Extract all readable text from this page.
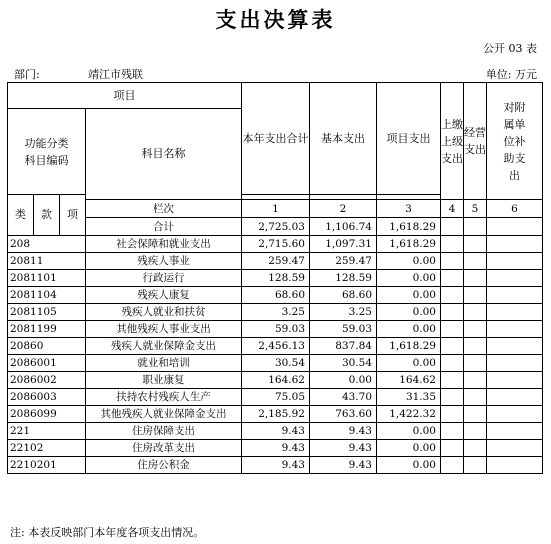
支出决算表
公开 03 表
部门:	靖江市残联	单位: 万元
项目				本年支出合计	基本支出	项目支出	上缴上级支出	经营支出	对附属单位补助支出
功能分类科目编码			科目名称						
类	款	项							
			栏次	1	2	3	4	5	6
			合计	2,725.03	1,106.74	1,618.29			
208			社会保障和就业支出	2,715.60	1,097.31	1,618.29			
20811			残疾人事业	259.47	259.47	0.00			
2081101			行政运行	128.59	128.59	0.00			
2081104			残疾人康复	68.60	68.60	0.00			
2081105			残疾人就业和扶贫	3.25	3.25	0.00			
2081199			其他残疾人事业支出	59.03	59.03	0.00			
20860			残疾人就业保障金支出	2,456.13	837.84	1,618.29			
2086001			就业和培训	30.54	30.54	0.00			
2086002			职业康复	164.62	0.00	164.62			
2086003			扶持农村残疾人生产	75.05	43.70	31.35			
2086099			其他残疾人就业保障金支出	2,185.92	763.60	1,422.32			
221			住房保障支出	9.43	9.43	0.00			
22102			住房改革支出	9.43	9.43	0.00			
2210201			住房公积金	9.43	9.43	0.00			
注: 本表反映部门本年度各项支出情况。
